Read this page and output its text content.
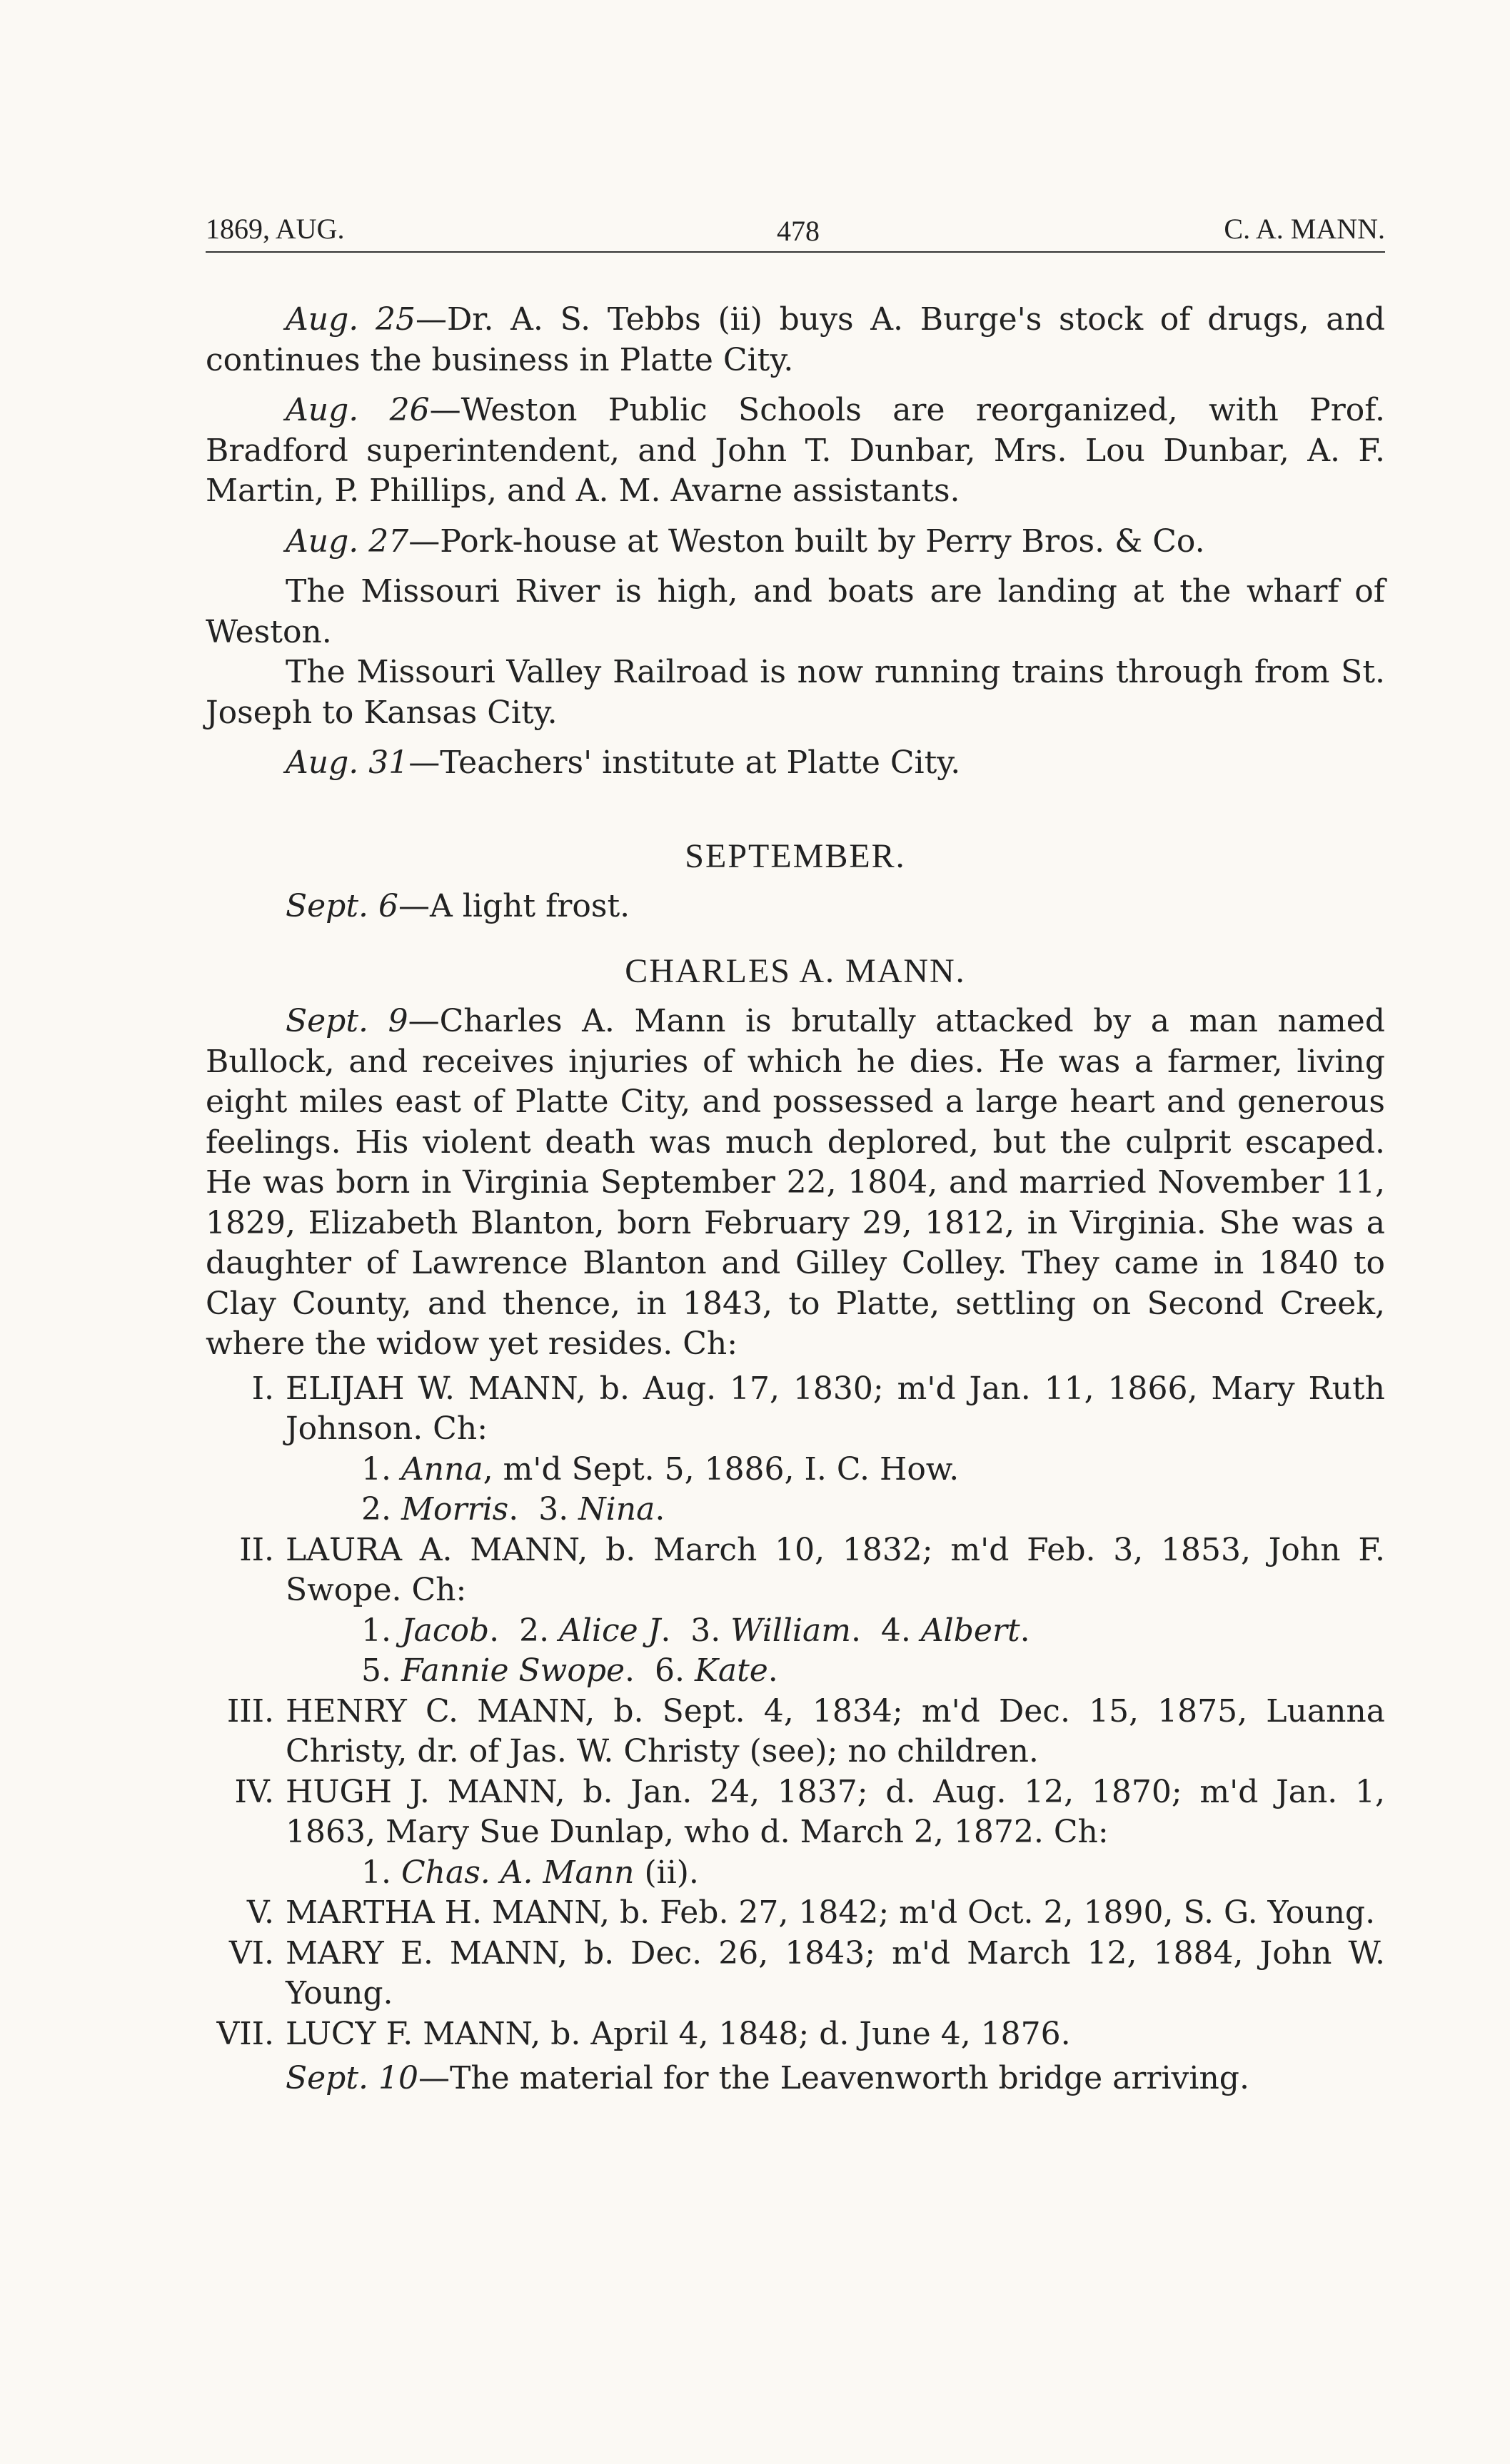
1869, AUG.	478	C. A. MANN.

Aug. 25—Dr. A. S. Tebbs (ii) buys A. Burge's stock of drugs, and continues the business in Platte City.

Aug. 26—Weston Public Schools are reorganized, with Prof. Bradford superintendent, and John T. Dunbar, Mrs. Lou Dunbar, A. F. Martin, P. Phillips, and A. M. Avarne assistants.

Aug. 27—Pork-house at Weston built by Perry Bros. & Co.

The Missouri River is high, and boats are landing at the wharf of Weston.

The Missouri Valley Railroad is now running trains through from St. Joseph to Kansas City.

Aug. 31—Teachers' institute at Platte City.

SEPTEMBER.

Sept. 6—A light frost.

CHARLES A. MANN.

Sept. 9—Charles A. Mann is brutally attacked by a man named Bullock, and receives injuries of which he dies. He was a farmer, living eight miles east of Platte City, and possessed a large heart and generous feelings. His violent death was much deplored, but the culprit escaped. He was born in Virginia September 22, 1804, and married November 11, 1829, Elizabeth Blanton, born February 29, 1812, in Virginia. She was a daughter of Lawrence Blanton and Gilley Colley. They came in 1840 to Clay County, and thence, in 1843, to Platte, settling on Second Creek, where the widow yet resides. Ch:

I. ELIJAH W. MANN, b. Aug. 17, 1830; m'd Jan. 11, 1866, Mary Ruth Johnson. Ch:
1. Anna, m'd Sept. 5, 1886, I. C. How.
2. Morris.  3. Nina.
II. LAURA A. MANN, b. March 10, 1832; m'd Feb. 3, 1853, John F. Swope. Ch:
1. Jacob.  2. Alice J.  3. William.  4. Albert.
5. Fannie Swope.  6. Kate.
III. HENRY C. MANN, b. Sept. 4, 1834; m'd Dec. 15, 1875, Luanna Christy, dr. of Jas. W. Christy (see); no children.
IV. HUGH J. MANN, b. Jan. 24, 1837; d. Aug. 12, 1870; m'd Jan. 1, 1863, Mary Sue Dunlap, who d. March 2, 1872. Ch:
1. Chas. A. Mann (ii).
V. MARTHA H. MANN, b. Feb. 27, 1842; m'd Oct. 2, 1890, S. G. Young.
VI. MARY E. MANN, b. Dec. 26, 1843; m'd March 12, 1884, John W. Young.
VII. LUCY F. MANN, b. April 4, 1848; d. June 4, 1876.

Sept. 10—The material for the Leavenworth bridge arriving.
